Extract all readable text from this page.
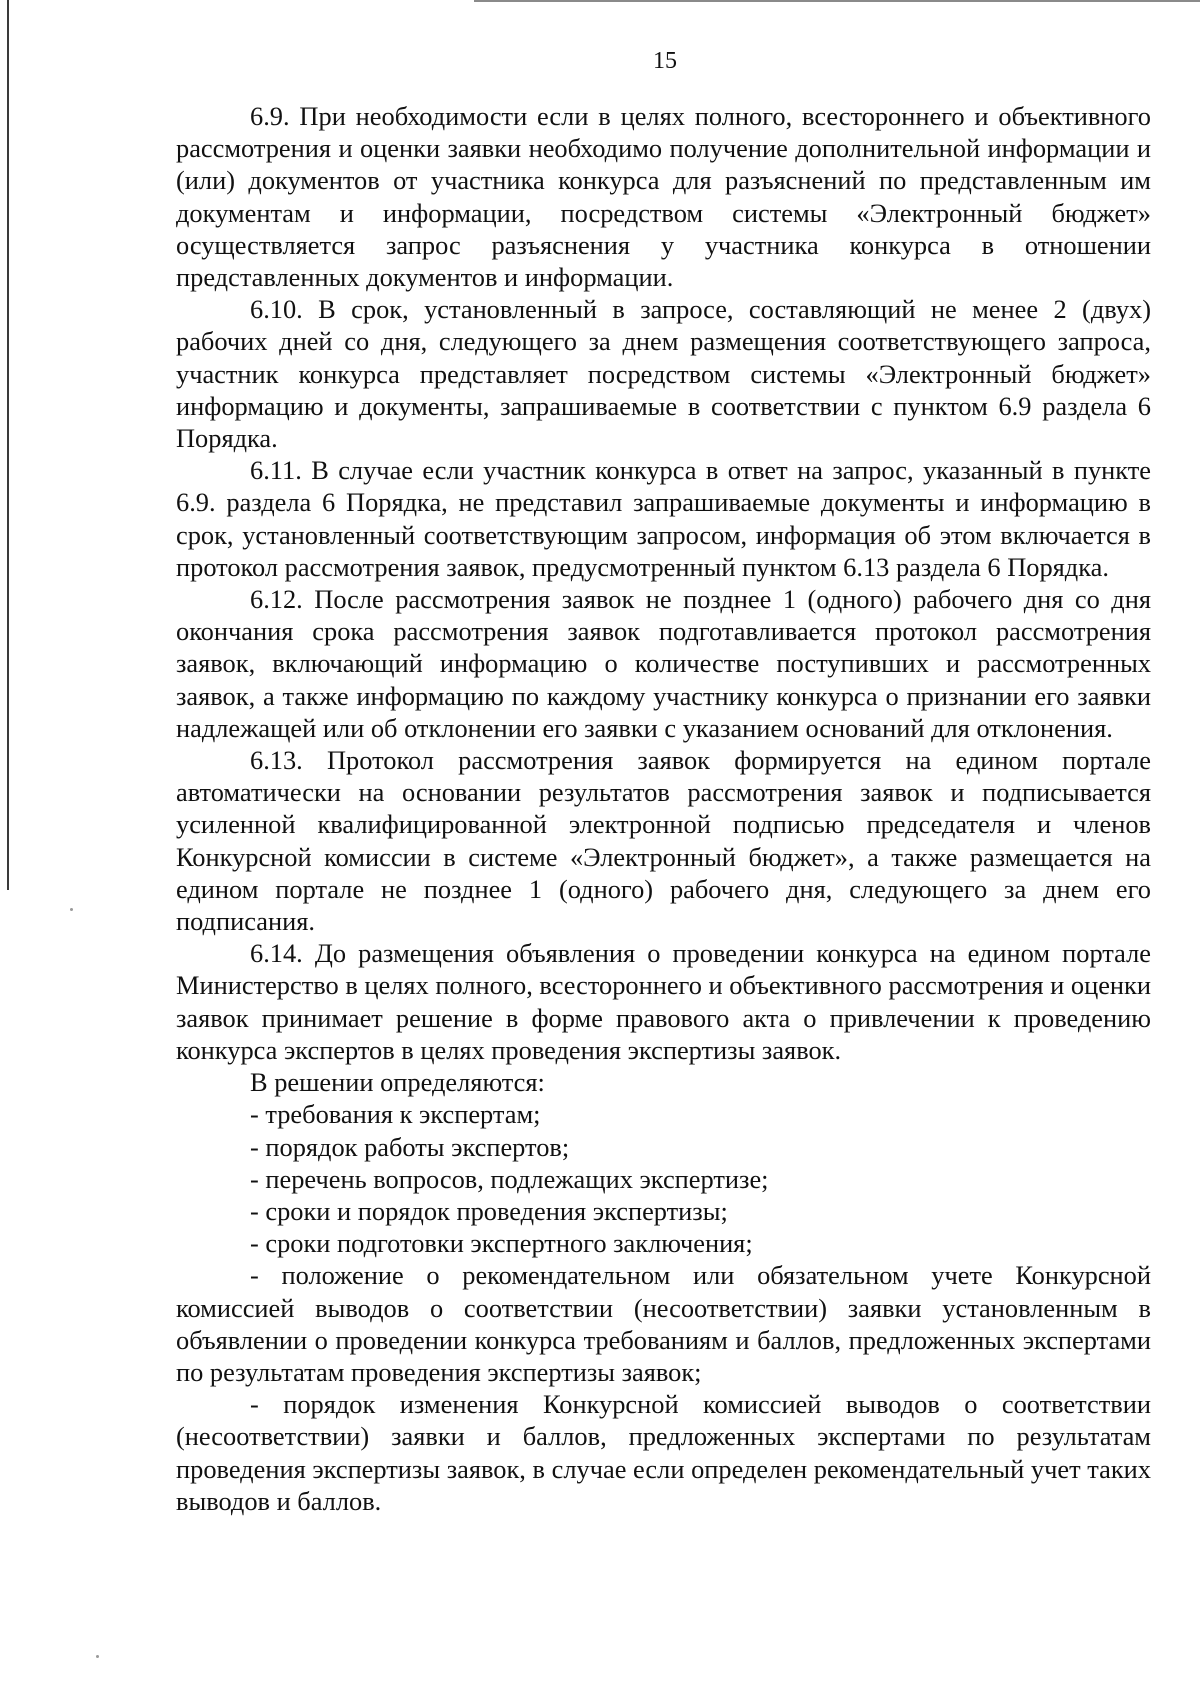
15

6.9. При необходимости если в целях полного, всестороннего и объективного рассмотрения и оценки заявки необходимо получение дополнительной информации и (или) документов от участника конкурса для разъяснений по представленным им документам и информации, посредством системы «Электронный бюджет» осуществляется запрос разъяснения у участника конкурса в отношении представленных документов и информации.

6.10. В срок, установленный в запросе, составляющий не менее 2 (двух) рабочих дней со дня, следующего за днем размещения соответствующего запроса, участник конкурса представляет посредством системы «Электронный бюджет» информацию и документы, запрашиваемые в соответствии с пунктом 6.9 раздела 6 Порядка.

6.11. В случае если участник конкурса в ответ на запрос, указанный в пункте 6.9. раздела 6 Порядка, не представил запрашиваемые документы и информацию в срок, установленный соответствующим запросом, информация об этом включается в протокол рассмотрения заявок, предусмотренный пунктом 6.13 раздела 6 Порядка.

6.12. После рассмотрения заявок не позднее 1 (одного) рабочего дня со дня окончания срока рассмотрения заявок подготавливается протокол рассмотрения заявок, включающий информацию о количестве поступивших и рассмотренных заявок, а также информацию по каждому участнику конкурса о признании его заявки надлежащей или об отклонении его заявки с указанием оснований для отклонения.

6.13. Протокол рассмотрения заявок формируется на едином портале автоматически на основании результатов рассмотрения заявок и подписывается усиленной квалифицированной электронной подписью председателя и членов Конкурсной комиссии в системе «Электронный бюджет», а также размещается на едином портале не позднее 1 (одного) рабочего дня, следующего за днем его подписания.

6.14. До размещения объявления о проведении конкурса на едином портале Министерство в целях полного, всестороннего и объективного рассмотрения и оценки заявок принимает решение в форме правового акта о привлечении к проведению конкурса экспертов в целях проведения экспертизы заявок.

В решении определяются:

- требования к экспертам;

- порядок работы экспертов;

- перечень вопросов, подлежащих экспертизе;

- сроки и порядок проведения экспертизы;

- сроки подготовки экспертного заключения;

- положение о рекомендательном или обязательном учете Конкурсной комиссией выводов о соответствии (несоответствии) заявки установленным в объявлении о проведении конкурса требованиям и баллов, предложенных экспертами по результатам проведения экспертизы заявок;

- порядок изменения Конкурсной комиссией выводов о соответствии (несоответствии) заявки и баллов, предложенных экспертами по результатам проведения экспертизы заявок, в случае если определен рекомендательный учет таких выводов и баллов.
